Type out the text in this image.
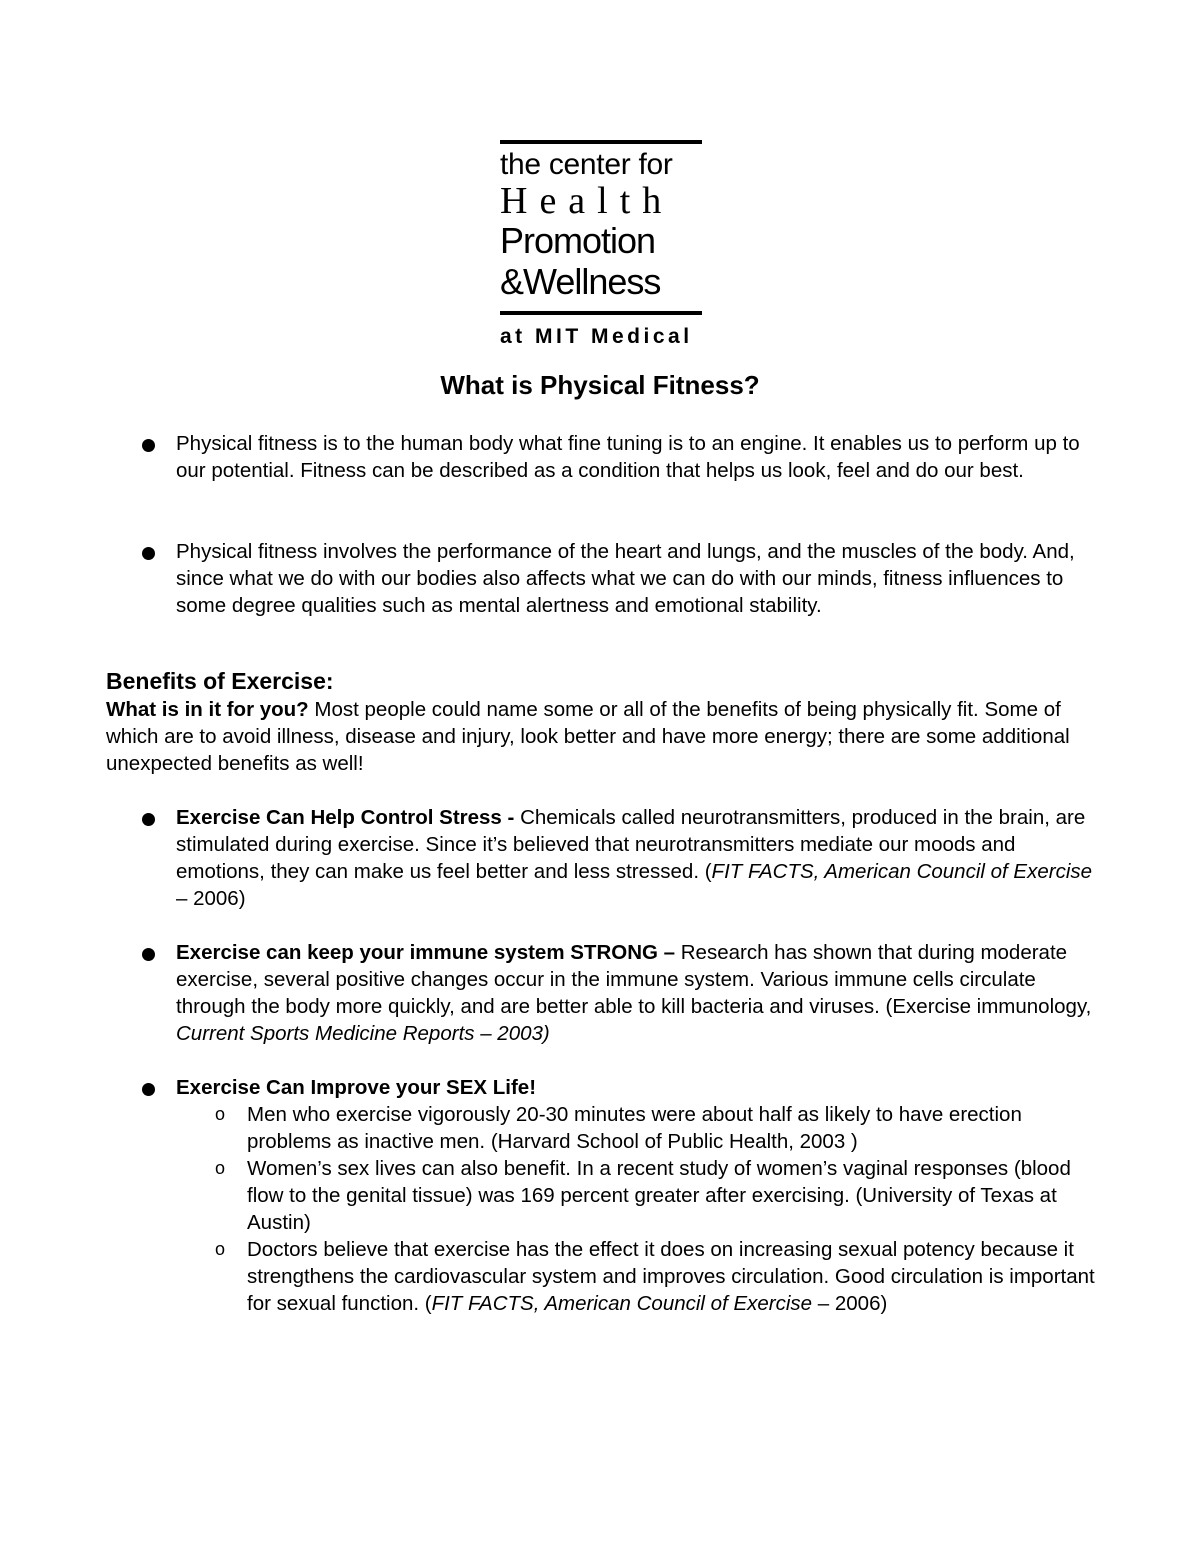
the center for
Health
Promotion
&Wellness
at MIT Medical
What is Physical Fitness?
Physical fitness is to the human body what fine tuning is to an engine. It enables us to perform up to our potential. Fitness can be described as a condition that helps us look, feel and do our best.
Physical fitness involves the performance of the heart and lungs, and the muscles of the body. And, since what we do with our bodies also affects what we can do with our minds, fitness influences to some degree qualities such as mental alertness and emotional stability.
Benefits of Exercise:
What is in it for you? Most people could name some or all of the benefits of being physically fit. Some of which are to avoid illness, disease and injury, look better and have more energy; there are some additional unexpected benefits as well!
Exercise Can Help Control Stress - Chemicals called neurotransmitters, produced in the brain, are stimulated during exercise. Since it’s believed that neurotransmitters mediate our moods and emotions, they can make us feel better and less stressed. (FIT FACTS, American Council of Exercise – 2006)
Exercise can keep your immune system STRONG – Research has shown that during moderate exercise, several positive changes occur in the immune system. Various immune cells circulate through the body more quickly, and are better able to kill bacteria and viruses. (Exercise immunology, Current Sports Medicine Reports – 2003)
Exercise Can Improve your SEX Life!
o Men who exercise vigorously 20-30 minutes were about half as likely to have erection problems as inactive men. (Harvard School of Public Health, 2003 )
o Women’s sex lives can also benefit. In a recent study of women’s vaginal responses (blood flow to the genital tissue) was 169 percent greater after exercising. (University of Texas at Austin)
o Doctors believe that exercise has the effect it does on increasing sexual potency because it strengthens the cardiovascular system and improves circulation. Good circulation is important for sexual function. (FIT FACTS, American Council of Exercise – 2006)
